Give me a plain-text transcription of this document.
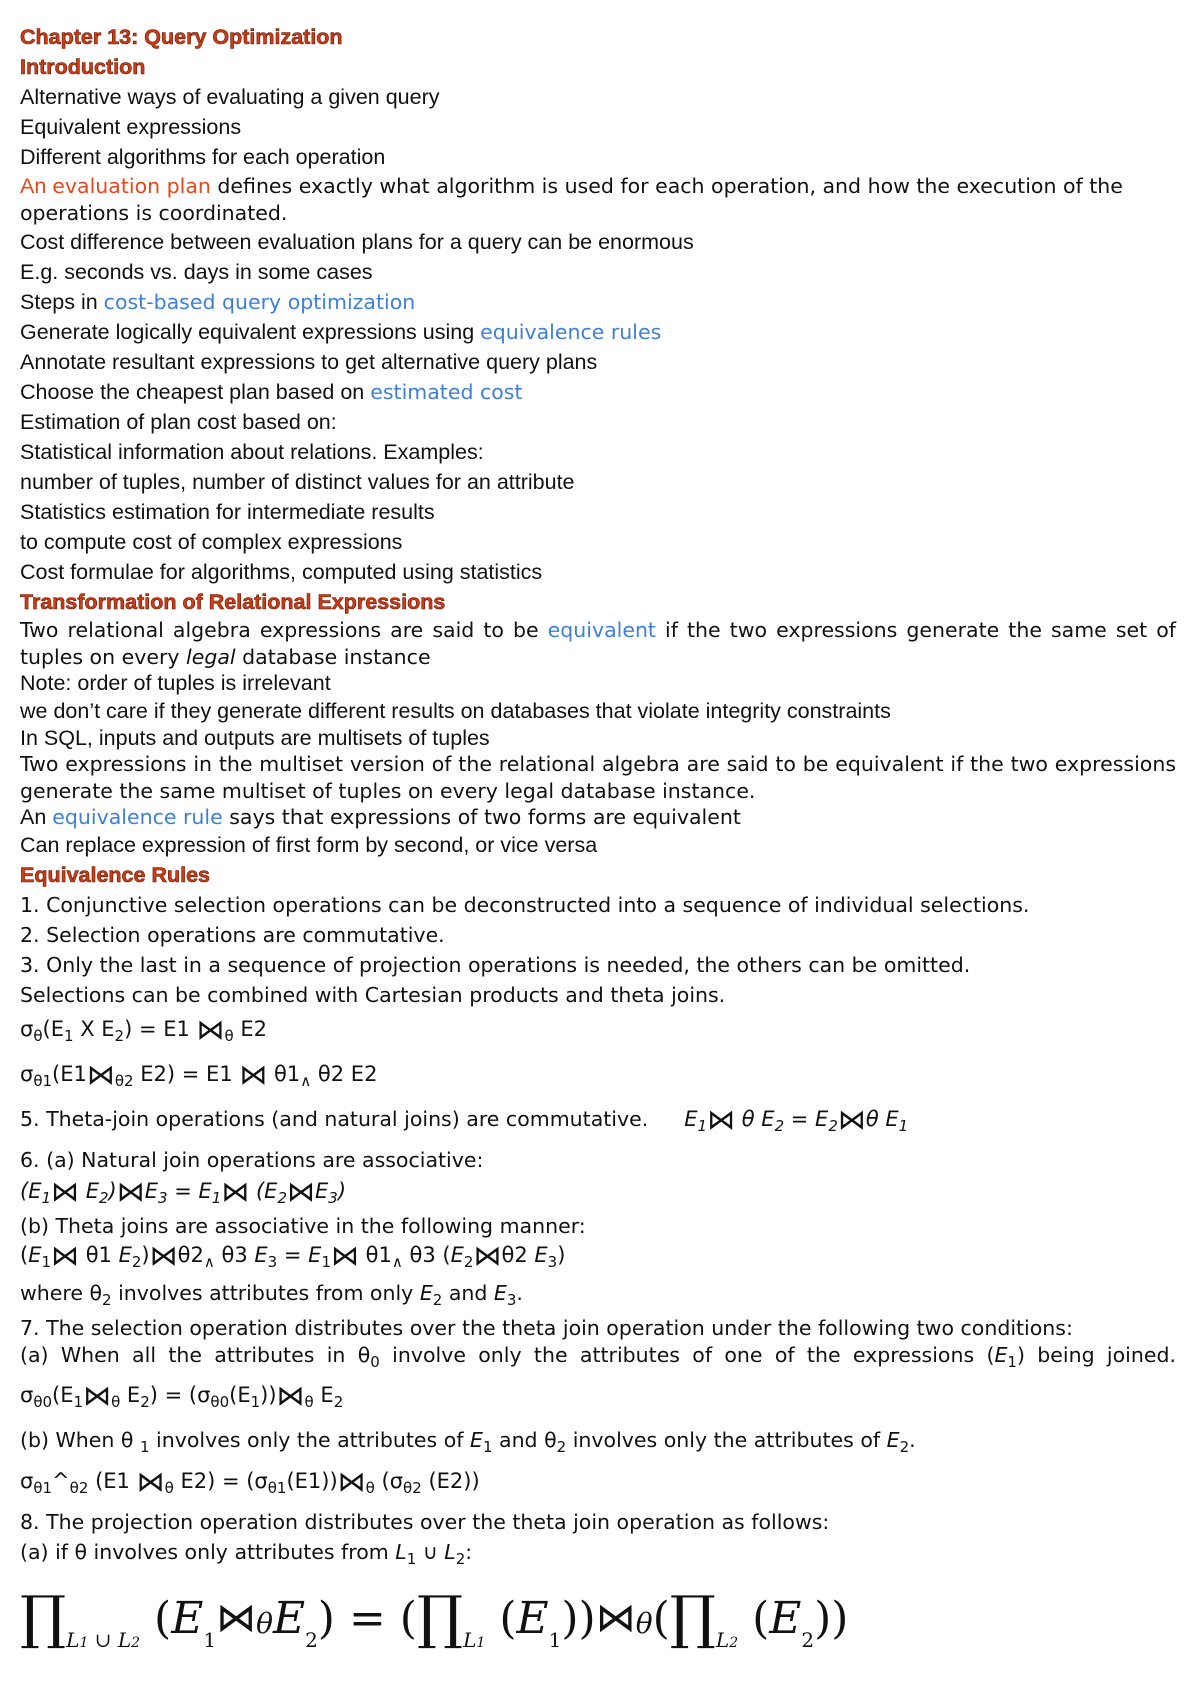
Chapter 13: Query Optimization
Introduction
Alternative ways of evaluating a given query
Equivalent expressions
Different algorithms for each operation
An evaluation plan defines exactly what algorithm is used for each operation, and how the execution of the operations is coordinated.
Cost difference between evaluation plans for a query can be enormous
E.g. seconds vs. days in some cases
Steps in cost-based query optimization
Generate logically equivalent expressions using equivalence rules
Annotate resultant expressions to get alternative query plans
Choose the cheapest plan based on estimated cost
Estimation of plan cost based on:
Statistical information about relations. Examples:
number of tuples, number of distinct values for an attribute
Statistics estimation for intermediate results
to compute cost of complex expressions
Cost formulae for algorithms, computed using statistics
Transformation of Relational Expressions
Two relational algebra expressions are said to be equivalent if the two expressions generate the same set of tuples on every legal database instance
Note: order of tuples is irrelevant
we don’t care if they generate different results on databases that violate integrity constraints
In SQL, inputs and outputs are multisets of tuples
Two expressions in the multiset version of the relational algebra are said to be equivalent if the two expressions generate the same multiset of tuples on every legal database instance.
An equivalence rule says that expressions of two forms are equivalent
Can replace expression of first form by second, or vice versa
Equivalence Rules
1. Conjunctive selection operations can be deconstructed into a sequence of individual selections.
2. Selection operations are commutative.
3. Only the last in a sequence of projection operations is needed, the others can be omitted.
Selections can be combined with Cartesian products and theta joins.
$\sigma_\theta(E_1$ X $E_2) = E1$ $⋈_\theta$ E2
$\sigma_{\theta 1}(E1⋈_{\theta 2}$ E2) = E1 ⋈ $\theta 1_\wedge$ θ2 E2
5. Theta-join operations (and natural joins) are commutative. $E_1⋈$ θ $E_2$ = $E_2⋈\theta$ $E_1$
6. (a) Natural join operations are associative:
($E_1⋈$ $E_2)⋈E_3$ = $E_1⋈$ $(E_2⋈E_3)$
(b) Theta joins are associative in the following manner:
($E_1⋈$ θ1 $E_2)⋈\theta 2_\wedge$ θ3 $E_3$ = $E_1⋈$ $\theta 1_\wedge$ θ3 ($E_2⋈\theta 2$ $E_3$)
where $\theta_2$ involves attributes from only $E_2$ and $E_3$.
7. The selection operation distributes over the theta join operation under the following two conditions:
(a) When all the attributes in $\theta_0$ involve only the attributes of one of the expressions $(E_1)$ being joined. $\sigma_{\theta 0}(E_1⋈_\theta$ $E_2$) = $(\sigma_{\theta 0}(E_1))⋈_\theta$ $E_2$
(b) When θ $_1$ involves only the attributes of $E_1$ and $\theta_2$ involves only the attributes of $E_2$.
$\sigma_{\theta 1}\^{}_{\theta 2}$ (E1 $⋈_\theta$ $E2) = (\sigma_{\theta 1}(E1))⋈_\theta$ ($\sigma_{\theta 2}$ (E2))
8. The projection operation distributes over the theta join operation as follows:
(a) if θ involves only attributes from $L_1$ ∪ $L_2$:
$\prod_{L1 \cup L2}$ $(E_1⋈\theta E_2)$ = ($\prod_{L1}$ $(E_1))⋈\theta(\prod_{L2}$ $(E_2)$)
